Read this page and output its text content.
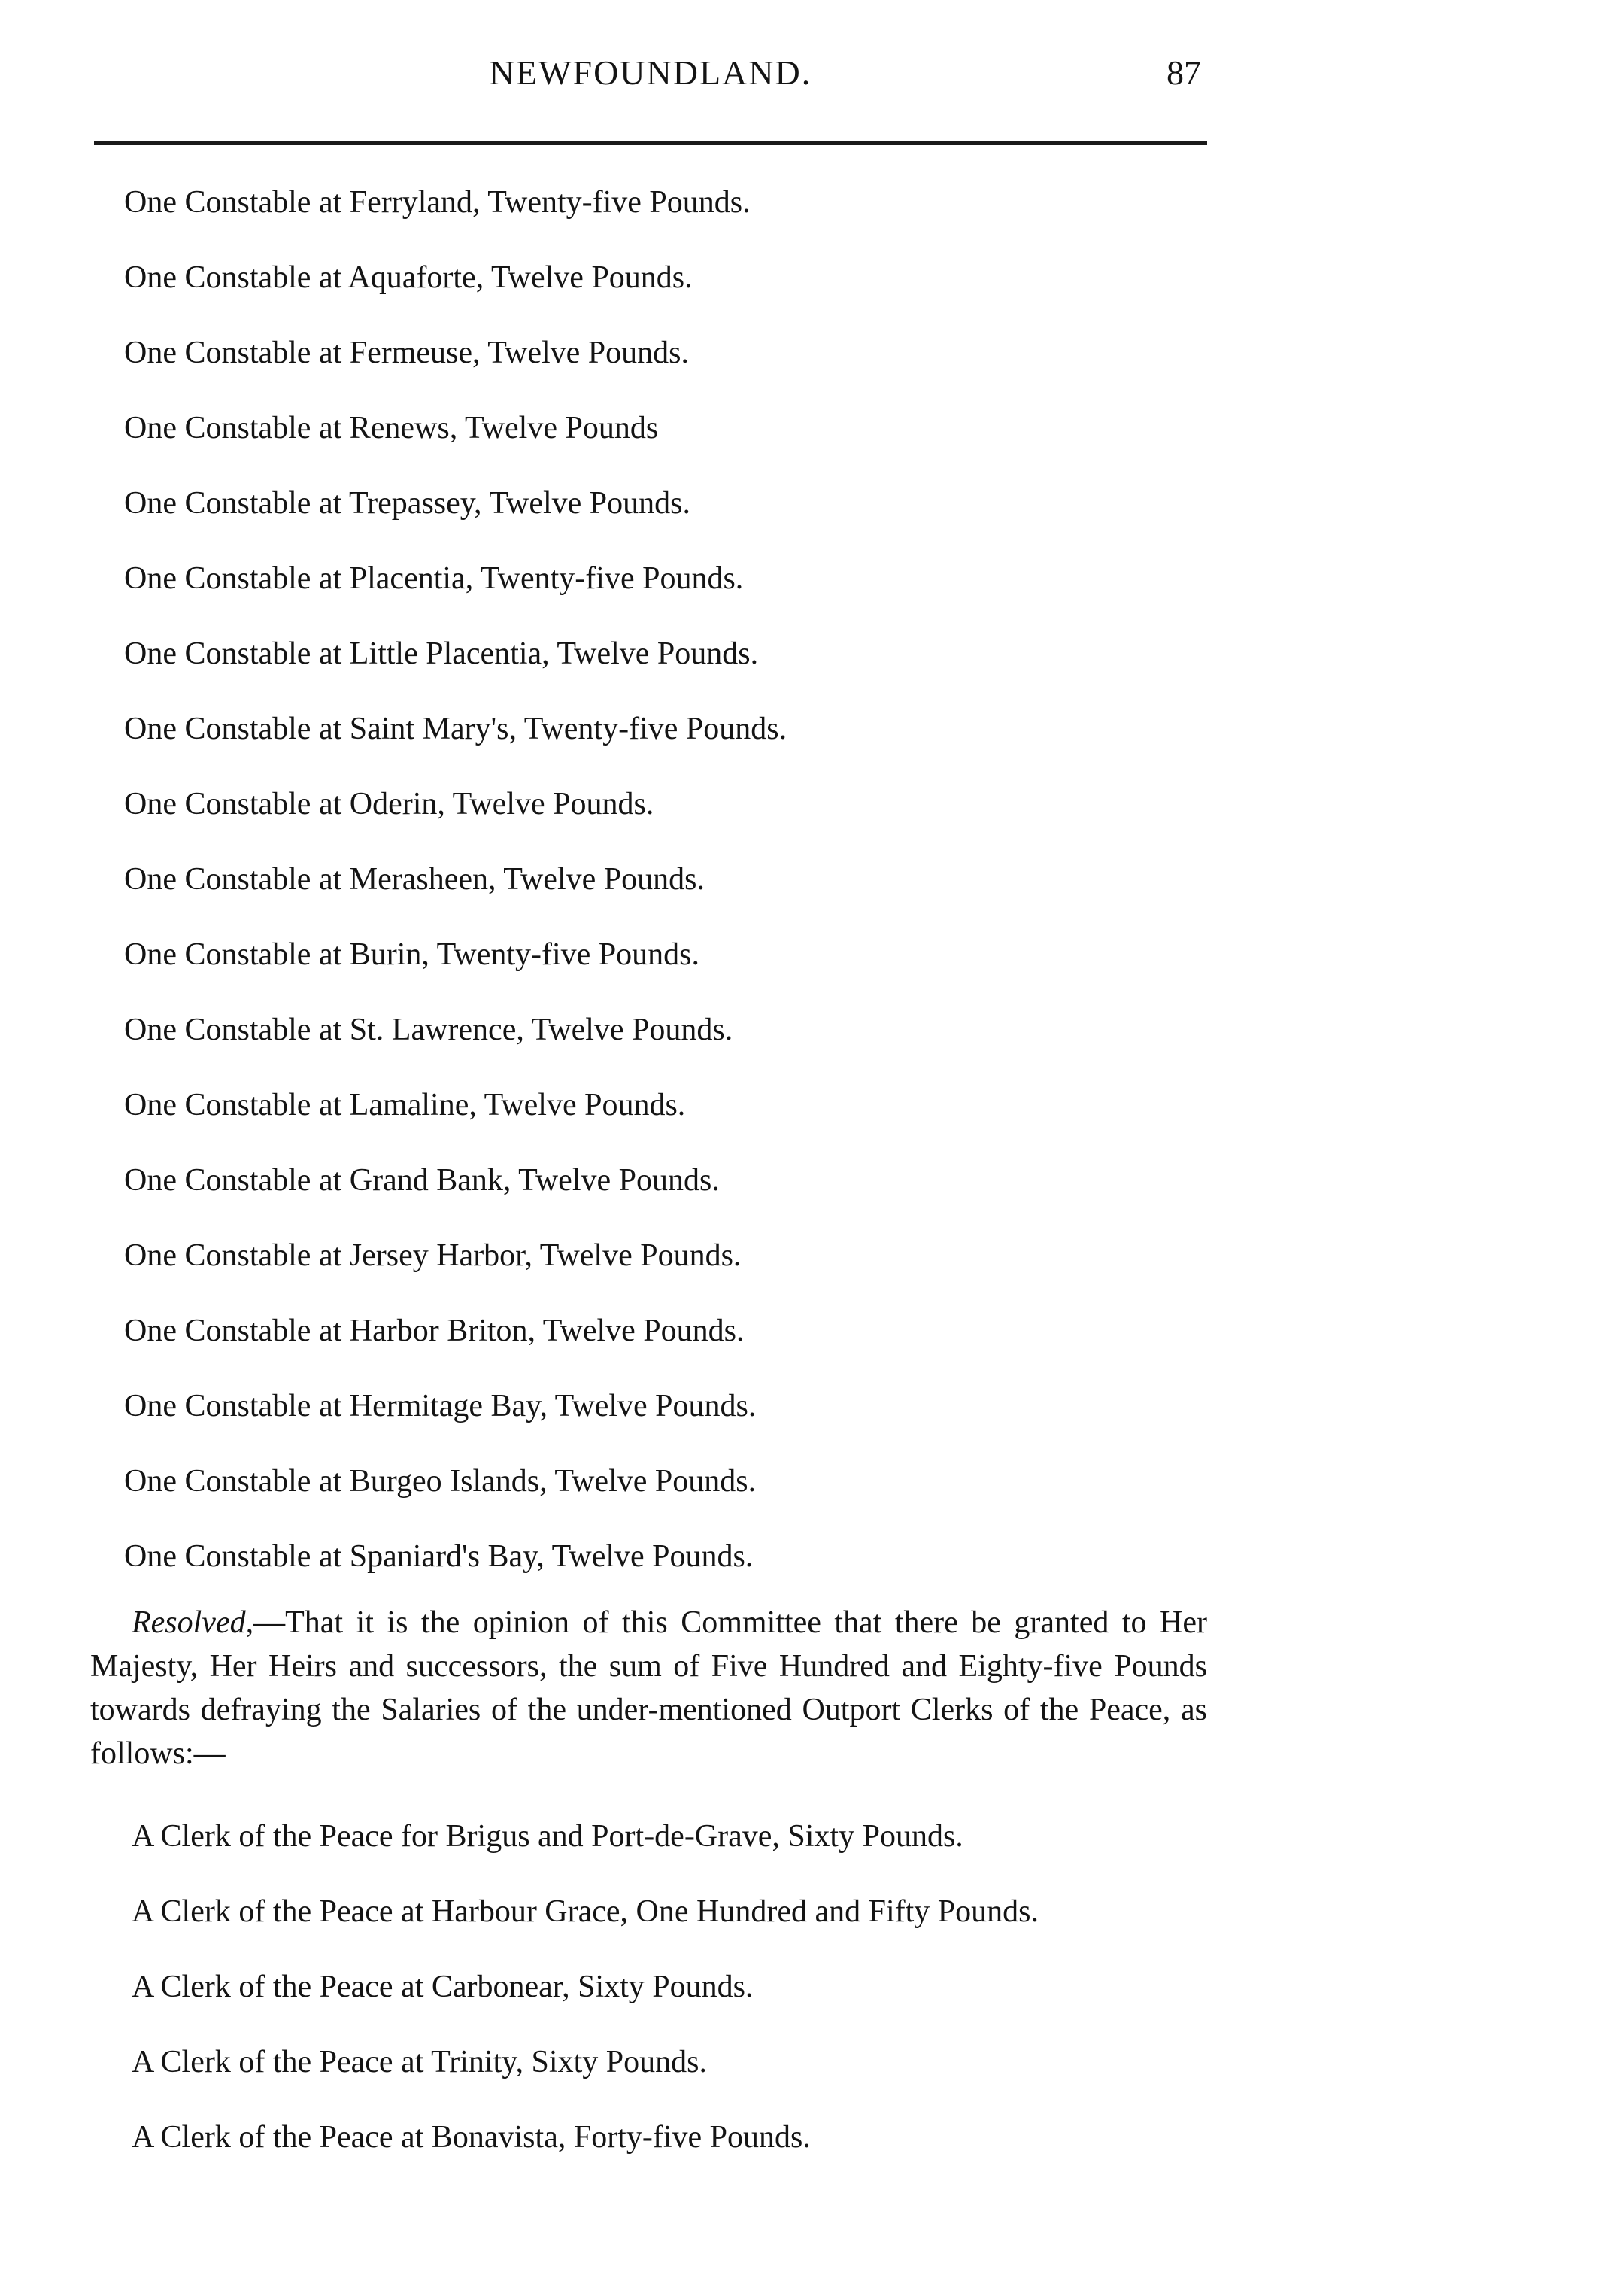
NEWFOUNDLAND.	87
One Constable at Ferryland, Twenty-five Pounds.
One Constable at Aquaforte, Twelve Pounds.
One Constable at Fermeuse, Twelve Pounds.
One Constable at Renews, Twelve Pounds
One Constable at Trepassey, Twelve Pounds.
One Constable at Placentia, Twenty-five Pounds.
One Constable at Little Placentia, Twelve Pounds.
One Constable at Saint Mary's, Twenty-five Pounds.
One Constable at Oderin, Twelve Pounds.
One Constable at Merasheen, Twelve Pounds.
One Constable at Burin, Twenty-five Pounds.
One Constable at St. Lawrence, Twelve Pounds.
One Constable at Lamaline, Twelve Pounds.
One Constable at Grand Bank, Twelve Pounds.
One Constable at Jersey Harbor, Twelve Pounds.
One Constable at Harbor Briton, Twelve Pounds.
One Constable at Hermitage Bay, Twelve Pounds.
One Constable at Burgeo Islands, Twelve Pounds.
One Constable at Spaniard's Bay, Twelve Pounds.

Resolved,—That it is the opinion of this Committee that there be granted to Her Majesty, Her Heirs and successors, the sum of Five Hundred and Eighty-five Pounds towards defraying the Salaries of the under-mentioned Outport Clerks of the Peace, as follows:—

A Clerk of the Peace for Brigus and Port-de-Grave, Sixty Pounds.
A Clerk of the Peace at Harbour Grace, One Hundred and Fifty Pounds.
A Clerk of the Peace at Carbonear, Sixty Pounds.
A Clerk of the Peace at Trinity, Sixty Pounds.
A Clerk of the Peace at Bonavista, Forty-five Pounds.
